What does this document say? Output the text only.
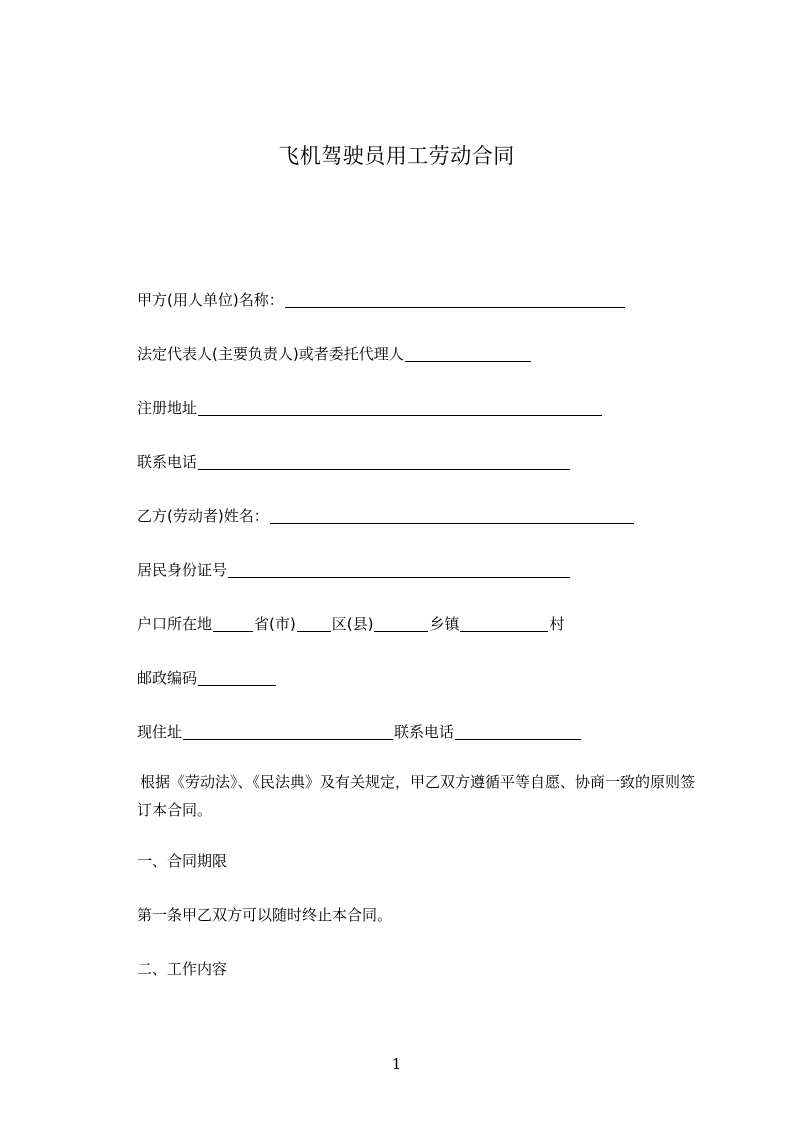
飞机驾驶员用工劳动合同
甲方(用人单位)名称：
法定代表人(主要负责人)或者委托代理人
注册地址
联系电话
乙方(劳动者)姓名：
居民身份证号
户口所在地	省(市) 区(县)	乡镇	村
邮政编码
现住址	联系电话
根据《劳动法》、《民法典》及有关规定，甲乙双方遵循平等自愿、协商一致的原则签订本合同。
一、合同期限
第一条甲乙双方可以随时终止本合同。
二、工作内容
1
